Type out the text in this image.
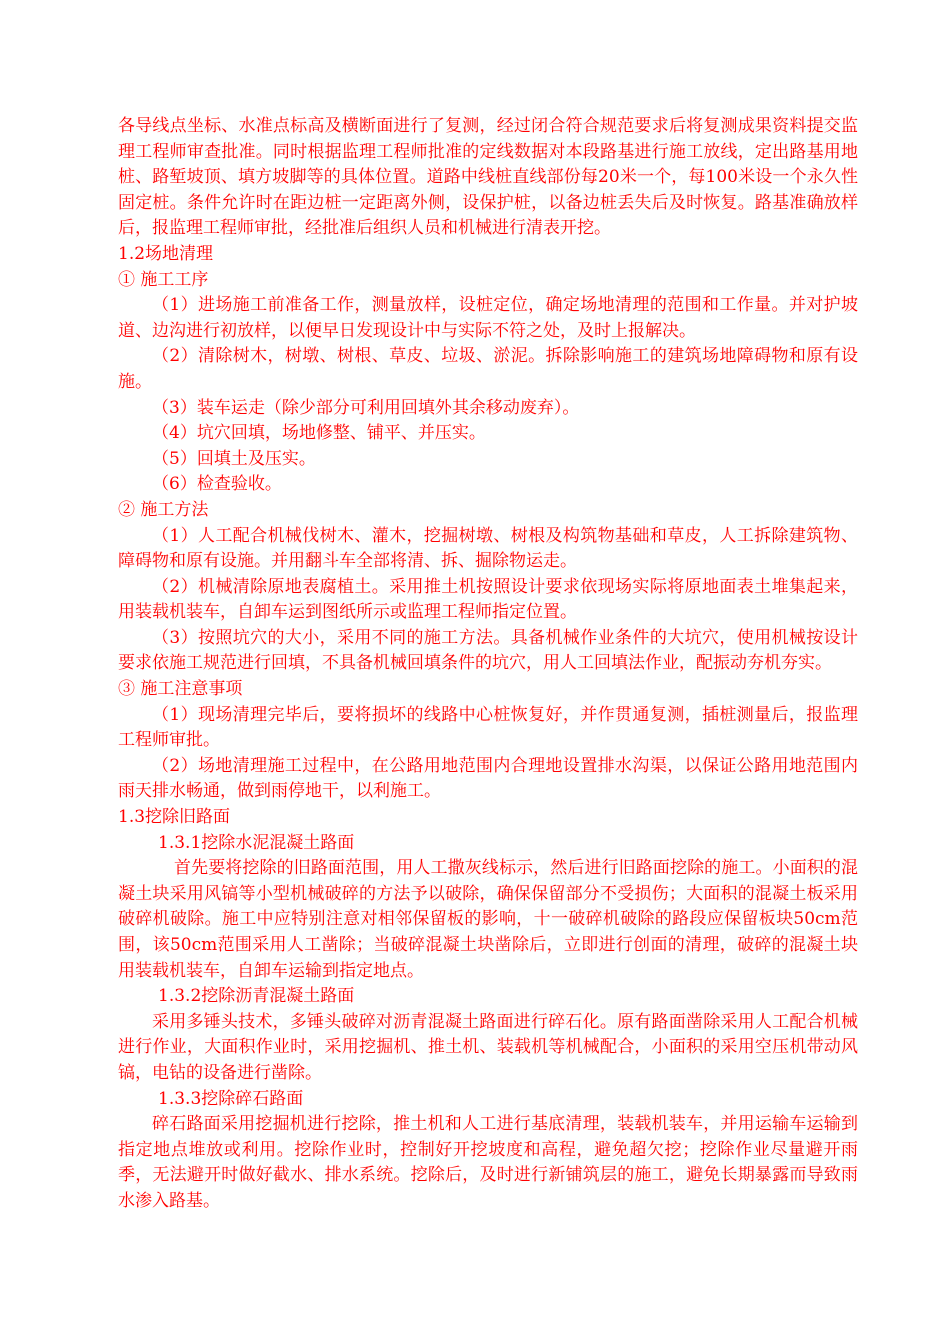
各导线点坐标、水准点标高及横断面进行了复测，经过闭合符合规范要求后将复测成果资料提交监理工程师审查批准。同时根据监理工程师批准的定线数据对本段路基进行施工放线，定出路基用地桩、路堑坡顶、填方坡脚等的具体位置。道路中线桩直线部份每20米一个，每100米设一个永久性固定桩。条件允许时在距边桩一定距离外侧，设保护桩，以备边桩丢失后及时恢复。路基准确放样后，报监理工程师审批，经批准后组织人员和机械进行清表开挖。

1.2场地清理

① 施工工序

（1）进场施工前准备工作，测量放样，设桩定位，确定场地清理的范围和工作量。并对护坡道、边沟进行初放样，以便早日发现设计中与实际不符之处，及时上报解决。

（2）清除树木，树墩、树根、草皮、垃圾、淤泥。拆除影响施工的建筑场地障碍物和原有设施。

（3）装车运走（除少部分可利用回填外其余移动废弃）。

（4）坑穴回填，场地修整、铺平、并压实。

（5）回填土及压实。

（6）检查验收。

② 施工方法

（1）人工配合机械伐树木、灌木，挖掘树墩、树根及构筑物基础和草皮，人工拆除建筑物、障碍物和原有设施。并用翻斗车全部将清、拆、掘除物运走。

（2）机械清除原地表腐植土。采用推土机按照设计要求依现场实际将原地面表土堆集起来，用装载机装车，自卸车运到图纸所示或监理工程师指定位置。

（3）按照坑穴的大小，采用不同的施工方法。具备机械作业条件的大坑穴，使用机械按设计要求依施工规范进行回填，不具备机械回填条件的坑穴，用人工回填法作业，配振动夯机夯实。

③ 施工注意事项

（1）现场清理完毕后，要将损坏的线路中心桩恢复好，并作贯通复测，插桩测量后，报监理工程师审批。

（2）场地清理施工过程中，在公路用地范围内合理地设置排水沟渠，以保证公路用地范围内雨天排水畅通，做到雨停地干，以利施工。

1.3挖除旧路面

1.3.1挖除水泥混凝土路面

首先要将挖除的旧路面范围，用人工撒灰线标示，然后进行旧路面挖除的施工。小面积的混凝土块采用风镐等小型机械破碎的方法予以破除，确保保留部分不受损伤；大面积的混凝土板采用破碎机破除。施工中应特别注意对相邻保留板的影响，十一破碎机破除的路段应保留板块50cm范围，该50cm范围采用人工凿除；当破碎混凝土块凿除后，立即进行创面的清理，破碎的混凝土块用装载机装车，自卸车运输到指定地点。

1.3.2挖除沥青混凝土路面

采用多锤头技术，多锤头破碎对沥青混凝土路面进行碎石化。原有路面凿除采用人工配合机械进行作业，大面积作业时，采用挖掘机、推土机、装载机等机械配合，小面积的采用空压机带动风镐，电钻的设备进行凿除。

1.3.3挖除碎石路面

碎石路面采用挖掘机进行挖除，推土机和人工进行基底清理，装载机装车，并用运输车运输到指定地点堆放或利用。挖除作业时，控制好开挖坡度和高程，避免超欠挖；挖除作业尽量避开雨季，无法避开时做好截水、排水系统。挖除后，及时进行新铺筑层的施工，避免长期暴露而导致雨水渗入路基。
